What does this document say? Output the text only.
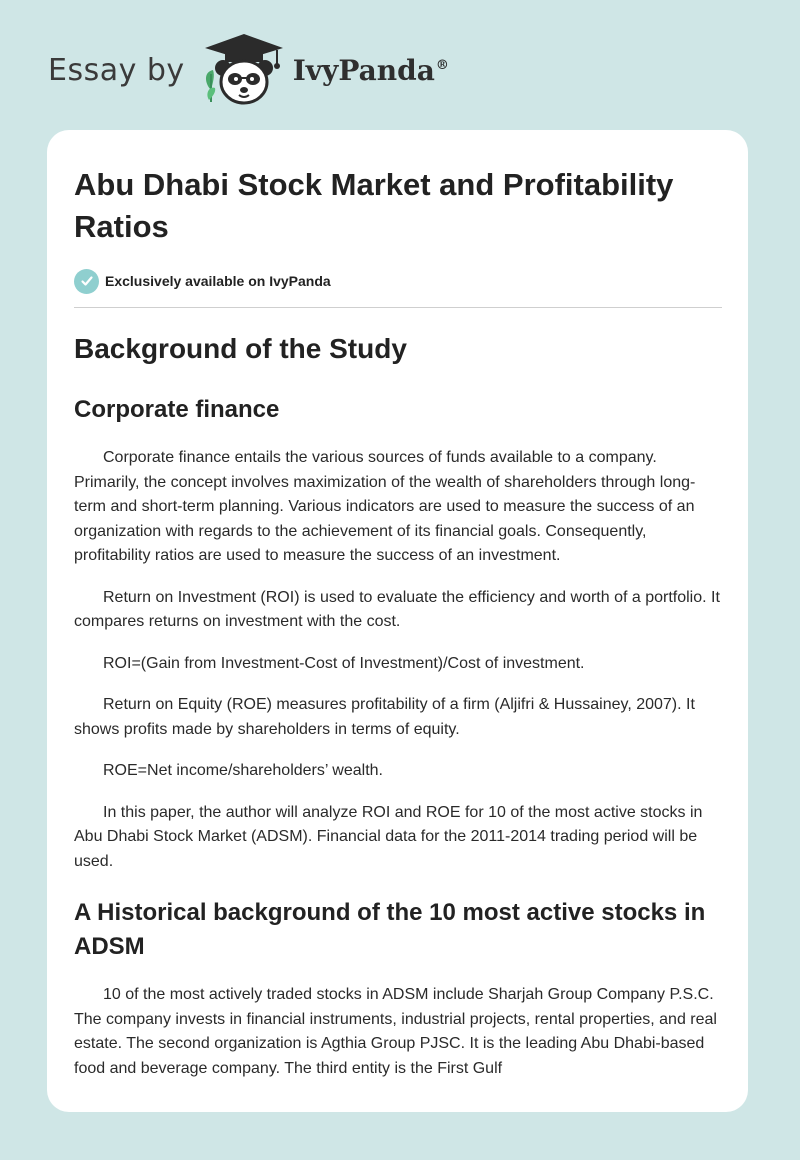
Essay by	IvyPanda®
Abu Dhabi Stock Market and Profitability Ratios
Exclusively available on IvyPanda
Background of the Study
Corporate finance

Corporate finance entails the various sources of funds available to a company. Primarily, the concept involves maximization of the wealth of shareholders through long-term and short-term planning. Various indicators are used to measure the success of an organization with regards to the achievement of its financial goals. Consequently, profitability ratios are used to measure the success of an investment.

Return on Investment (ROI) is used to evaluate the efficiency and worth of a portfolio. It compares returns on investment with the cost.

ROI=(Gain from Investment-Cost of Investment)/Cost of investment.

Return on Equity (ROE) measures profitability of a firm (Aljifri & Hussainey, 2007). It shows profits made by shareholders in terms of equity.

ROE=Net income/shareholders’ wealth.

In this paper, the author will analyze ROI and ROE for 10 of the most active stocks in Abu Dhabi Stock Market (ADSM). Financial data for the 2011-2014 trading period will be used.

A Historical background of the 10 most active stocks in ADSM

10 of the most actively traded stocks in ADSM include Sharjah Group Company P.S.C. The company invests in financial instruments, industrial projects, rental properties, and real estate. The second organization is Agthia Group PJSC. It is the leading Abu Dhabi-based food and beverage company. The third entity is the First Gulf
